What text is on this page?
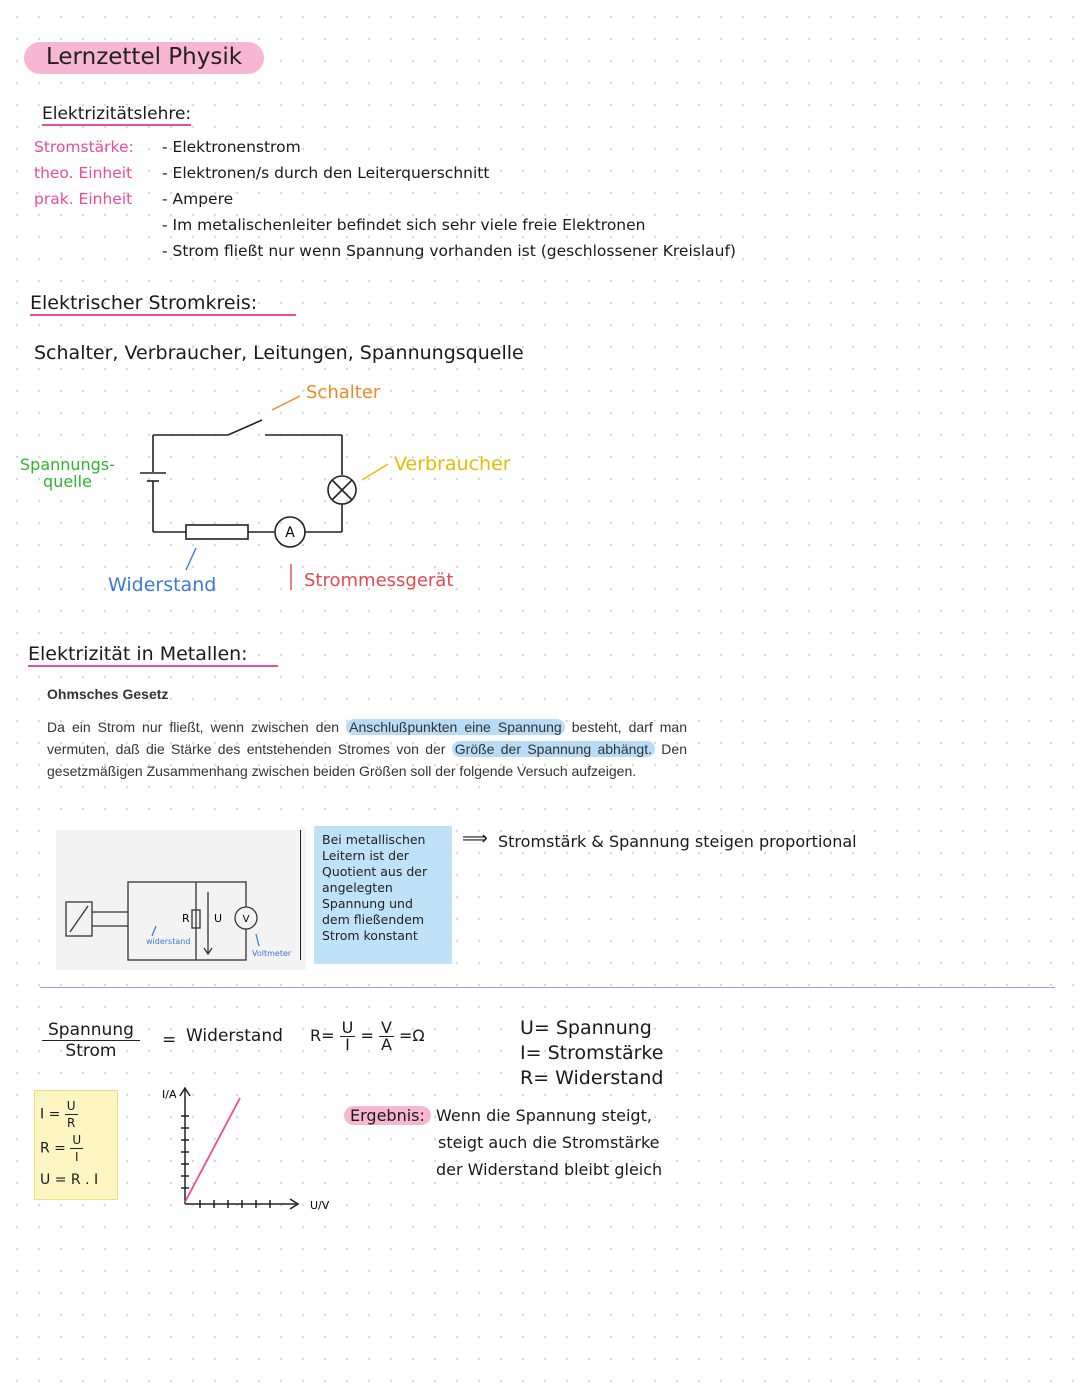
Lernzettel Physik
Elektrizitätslehre:
Stromstärke:
theo. Einheit
prak. Einheit
- Elektronenstrom
- Elektronen/s durch den Leiterquerschnitt
- Ampere
- Im metalischenleiter befindet sich sehr viele freie Elektronen
- Strom fließt nur wenn Spannung vorhanden ist (geschlossener Kreislauf)
Elektrischer Stromkreis:
Schalter, Verbraucher, Leitungen, Spannungsquelle
A
Schalter
Verbraucher
Spannungs-
quelle
Widerstand	Strommessgerät
Elektrizität in Metallen:
Ohmsches Gesetz
Da ein Strom nur fließt, wenn zwischen den Anschlußpunkten eine Spannung besteht, darf man vermuten, daß die Stärke des entstehenden Stromes von der Größe der Spannung abhängt. Den gesetzmäßigen Zusammenhang zwischen beiden Größen soll der folgende Versuch aufzeigen.
R U V
widerstand
Voltmeter
Bei metallischen Leitern ist der Quotient aus der angelegten Spannung und dem fließendem Strom konstant
⟹ Stromstärk & Spannung steigen proportional
Spannung
Strom
= Widerstand $R= \frac{U}{I} = \frac{V}{A} =\Omega$	U= Spannung
I= Stromstärke
R= Widerstand
$I = \frac{U}{R}$
$R = \frac{U}{I}$
U = R . I
I/A
U/V
Ergebnis: Wenn die Spannung steigt,
steigt auch die Stromstärke
der Widerstand bleibt gleich
